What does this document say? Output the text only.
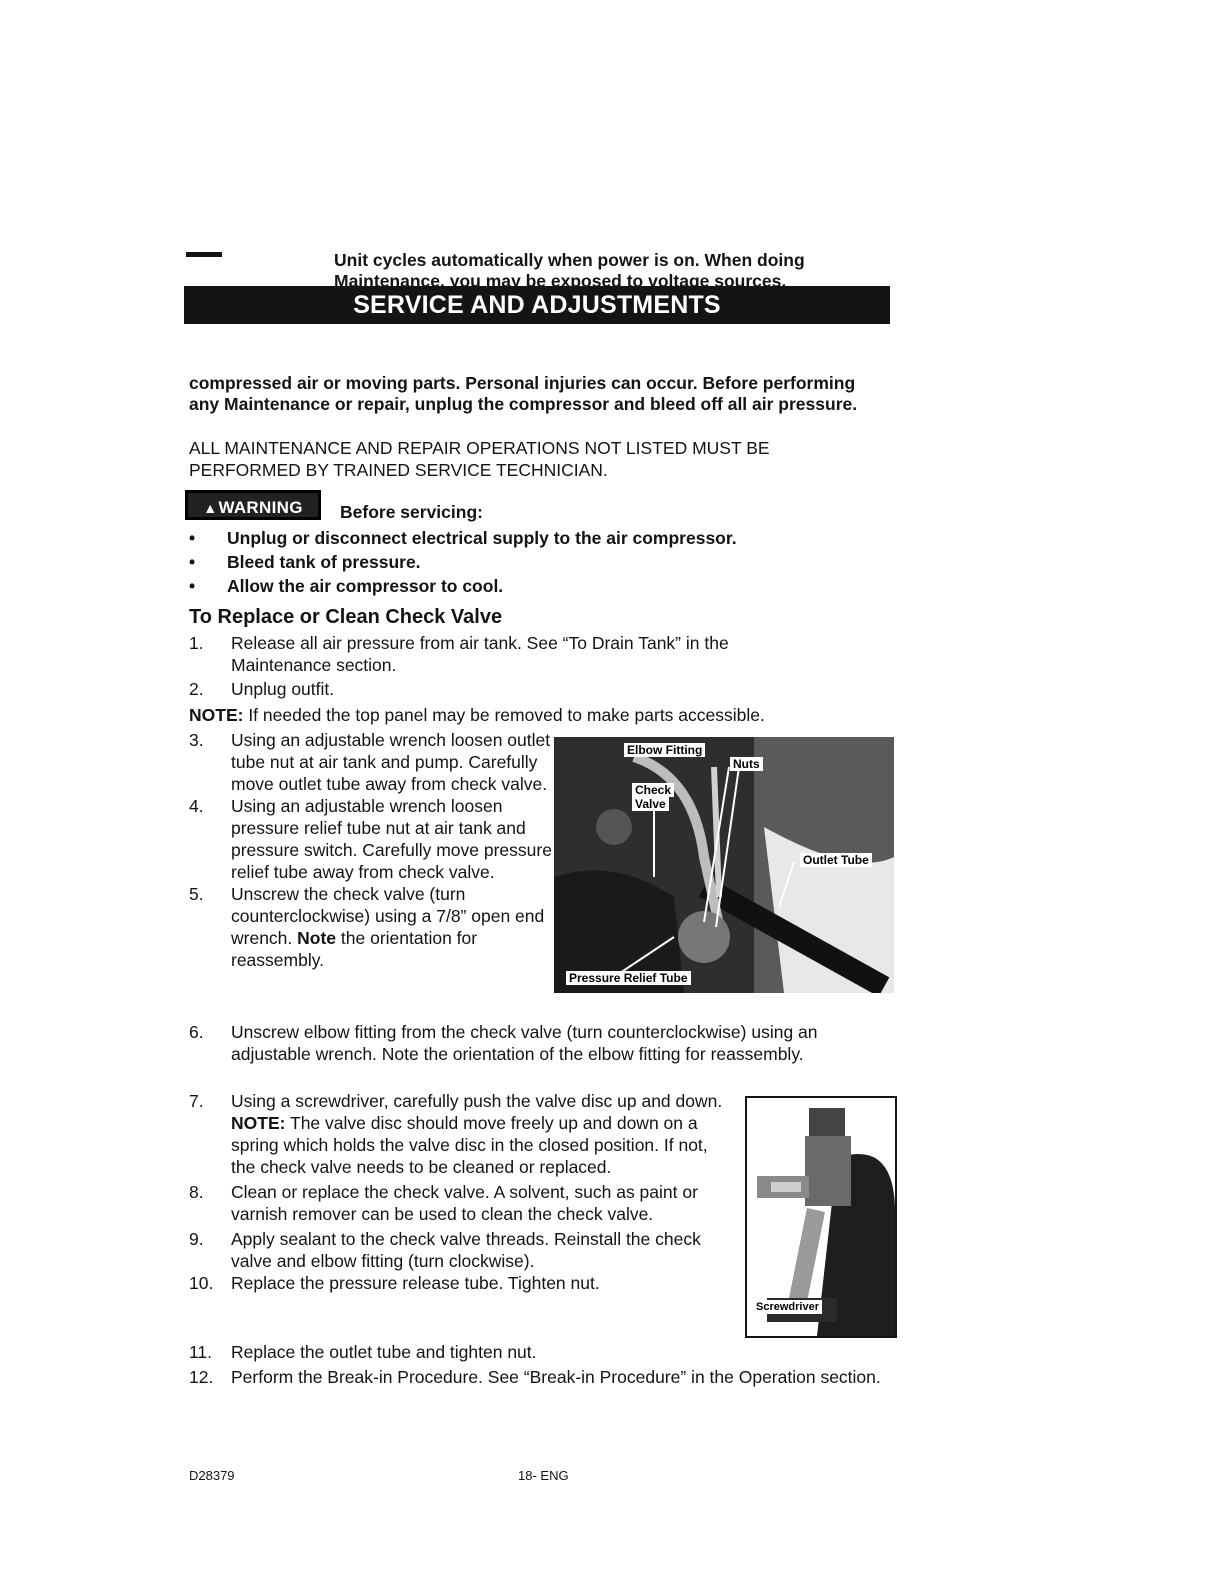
SERVICE AND ADJUSTMENTS
Unit cycles automatically when power is on. When doing Maintenance, you may be exposed to voltage sources,
compressed air or moving parts. Personal injuries can occur. Before performing any Maintenance or repair, unplug the compressor and bleed off all air pressure.
ALL MAINTENANCE AND REPAIR OPERATIONS NOT LISTED MUST BE PERFORMED BY TRAINED SERVICE TECHNICIAN.
▲WARNING	Before servicing:
• Unplug or disconnect electrical supply to the air compressor.
• Bleed tank of pressure.
• Allow the air compressor to cool.
To Replace or Clean Check Valve
1. Release all air pressure from air tank. See “To Drain Tank” in the Maintenance section.
2. Unplug outfit.
NOTE: If needed the top panel may be removed to make parts accessible.
3. Using an adjustable wrench loosen outlet tube nut at air tank and pump. Carefully move outlet tube away from check valve.
4. Using an adjustable wrench loosen pressure relief tube nut at air tank and pressure switch. Carefully move pressure relief tube away from check valve.
5. Unscrew the check valve (turn counterclockwise) using a 7/8” open end wrench. Note the orientation for reassembly.
Elbow Fitting
Nuts
Check
Valve
Outlet Tube
Pressure Relief Tube
6. Unscrew elbow fitting from the check valve (turn counterclockwise) using an adjustable wrench. Note the orientation of the elbow fitting for reassembly.
7. Using a screwdriver, carefully push the valve disc up and down. NOTE: The valve disc should move freely up and down on a spring which holds the valve disc in the closed position. If not, the check valve needs to be cleaned or replaced.
8. Clean or replace the check valve. A solvent, such as paint or varnish remover can be used to clean the check valve.
9. Apply sealant to the check valve threads. Reinstall the check valve and elbow fitting (turn clockwise).
10. Replace the pressure release tube. Tighten nut.
Screwdriver
11. Replace the outlet tube and tighten nut.
12. Perform the Break-in Procedure. See “Break-in Procedure” in the Operation section.
D28379	18- ENG
